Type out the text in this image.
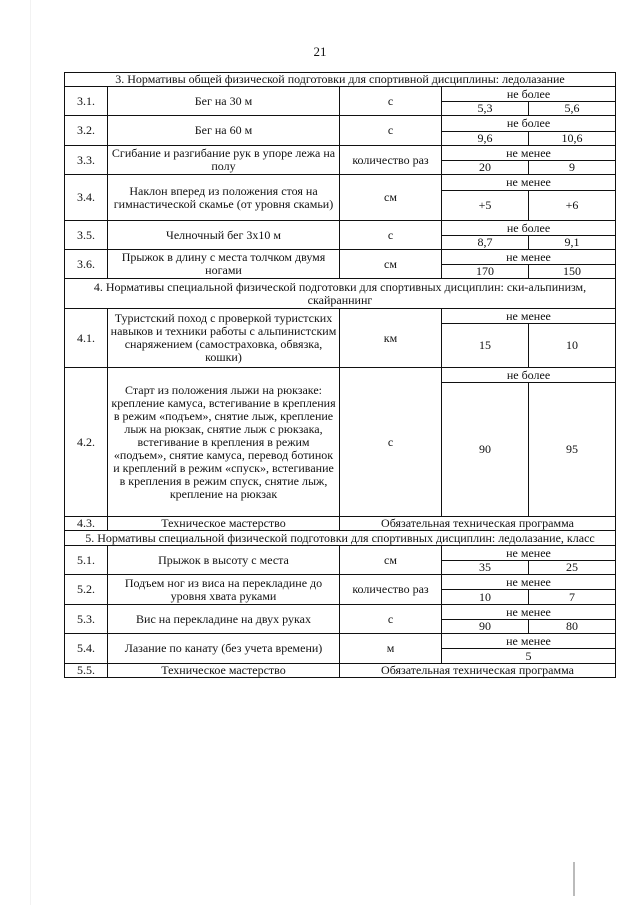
21
3. Нормативы общей физической подготовки для спортивной дисциплины: ледолазание				
3.1.	Бег на 30 м	с	не более	
			5,3	5,6
3.2.	Бег на 60 м	с	не более	
			9,6	10,6
3.3.	Сгибание и разгибание рук в упоре лежа на полу	количество раз	не менее	
			20	9
3.4.	Наклон вперед из положения стоя на гимнастической скамье (от уровня скамьи)	см	не менее	
			+5	+6
3.5.	Челночный бег 3х10 м	с	не более	
			8,7	9,1
3.6.	Прыжок в длину с места толчком двумя ногами	см	не менее	
			170	150
4. Нормативы специальной физической подготовки для спортивных дисциплин: ски-альпинизм, скайраннинг				
4.1.	Туристский поход с проверкой туристских навыков и техники работы с альпинистским снаряжением (самостраховка, обвязка, кошки)	км	не менее	
			15	10
4.2.	Старт из положения лыжи на рюкзаке: крепление камуса, встегивание в крепления в режим «подъем», снятие лыж, крепление лыж на рюкзак, снятие лыж с рюкзака, встегивание в крепления в режим «подъем», снятие камуса, перевод ботинок и креплений в режим «спуск», встегивание в крепления в режим спуск, снятие лыж, крепление на рюкзак	с	не более	
			90	95
4.3.	Техническое мастерство	Обязательная техническая программа		
5. Нормативы специальной физической подготовки для спортивных дисциплин: ледолазание, класс				
5.1.	Прыжок в высоту с места	см	не менее	
			35	25
5.2.	Подъем ног из виса на перекладине до уровня хвата руками	количество раз	не менее	
			10	7
5.3.	Вис на перекладине на двух руках	с	не менее	
			90	80
5.4.	Лазание по канату (без учета времени)	м	не менее	
			5	
5.5.	Техническое мастерство	Обязательная техническая программа		
